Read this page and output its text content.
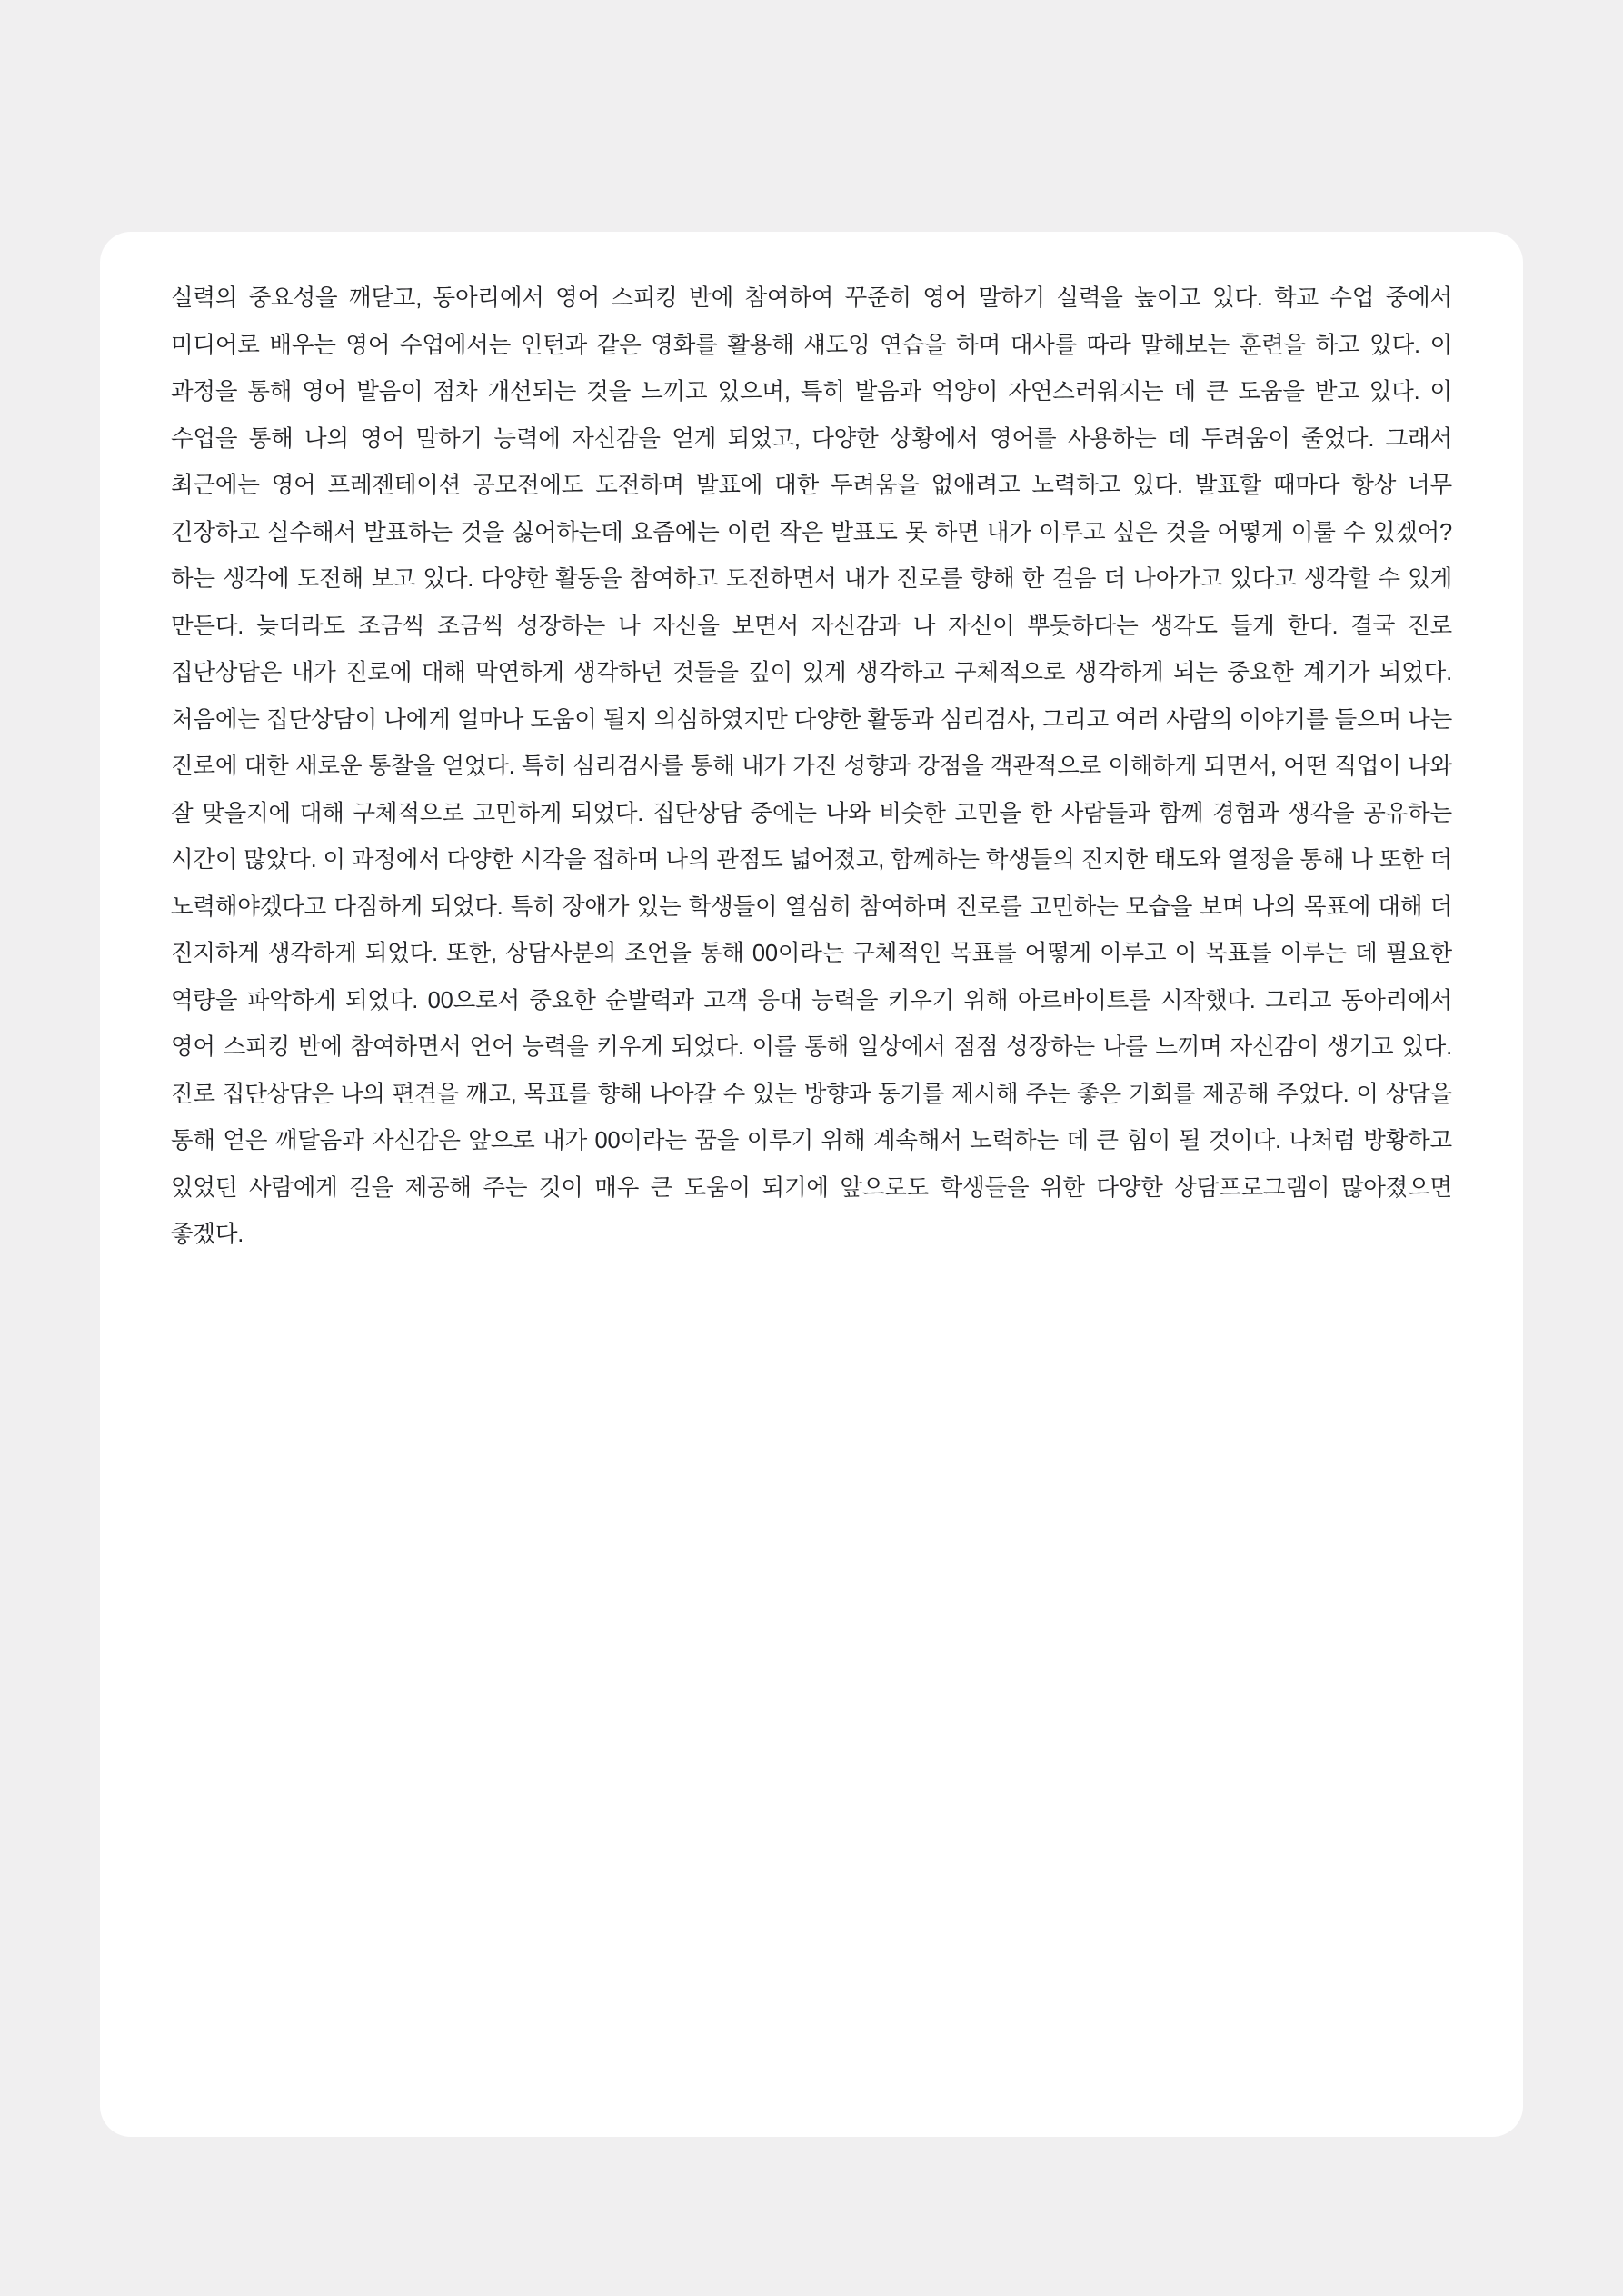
실력의 중요성을 깨닫고, 동아리에서 영어 스피킹 반에 참여하여 꾸준히 영어 말하기 실력을 높이고 있다. 학교 수업 중에서 미디어로 배우는 영어 수업에서는 인턴과 같은 영화를 활용해 섀도잉 연습을 하며 대사를 따라 말해보는 훈련을 하고 있다. 이 과정을 통해 영어 발음이 점차 개선되는 것을 느끼고 있으며, 특히 발음과 억양이 자연스러워지는 데 큰 도움을 받고 있다. 이 수업을 통해 나의 영어 말하기 능력에 자신감을 얻게 되었고, 다양한 상황에서 영어를 사용하는 데 두려움이 줄었다. 그래서 최근에는 영어 프레젠테이션 공모전에도 도전하며 발표에 대한 두려움을 없애려고 노력하고 있다. 발표할 때마다 항상 너무 긴장하고 실수해서 발표하는 것을 싫어하는데 요즘에는 이런 작은 발표도 못 하면 내가 이루고 싶은 것을 어떻게 이룰 수 있겠어? 하는 생각에 도전해 보고 있다. 다양한 활동을 참여하고 도전하면서 내가 진로를 향해 한 걸음 더 나아가고 있다고 생각할 수 있게 만든다. 늦더라도 조금씩 조금씩 성장하는 나 자신을 보면서 자신감과 나 자신이 뿌듯하다는 생각도 들게 한다. 결국 진로 집단상담은 내가 진로에 대해 막연하게 생각하던 것들을 깊이 있게 생각하고 구체적으로 생각하게 되는 중요한 계기가 되었다. 처음에는 집단상담이 나에게 얼마나 도움이 될지 의심하였지만 다양한 활동과 심리검사, 그리고 여러 사람의 이야기를 들으며 나는 진로에 대한 새로운 통찰을 얻었다. 특히 심리검사를 통해 내가 가진 성향과 강점을 객관적으로 이해하게 되면서, 어떤 직업이 나와 잘 맞을지에 대해 구체적으로 고민하게 되었다. 집단상담 중에는 나와 비슷한 고민을 한 사람들과 함께 경험과 생각을 공유하는 시간이 많았다. 이 과정에서 다양한 시각을 접하며 나의 관점도 넓어졌고, 함께하는 학생들의 진지한 태도와 열정을 통해 나 또한 더 노력해야겠다고 다짐하게 되었다. 특히 장애가 있는 학생들이 열심히 참여하며 진로를 고민하는 모습을 보며 나의 목표에 대해 더 진지하게 생각하게 되었다. 또한, 상담사분의 조언을 통해 00이라는 구체적인 목표를 어떻게 이루고 이 목표를 이루는 데 필요한 역량을 파악하게 되었다. 00으로서 중요한 순발력과 고객 응대 능력을 키우기 위해 아르바이트를 시작했다. 그리고 동아리에서 영어 스피킹 반에 참여하면서 언어 능력을 키우게 되었다. 이를 통해 일상에서 점점 성장하는 나를 느끼며 자신감이 생기고 있다. 진로 집단상담은 나의 편견을 깨고, 목표를 향해 나아갈 수 있는 방향과 동기를 제시해 주는 좋은 기회를 제공해 주었다. 이 상담을 통해 얻은 깨달음과 자신감은 앞으로 내가 00이라는 꿈을 이루기 위해 계속해서 노력하는 데 큰 힘이 될 것이다. 나처럼 방황하고 있었던 사람에게 길을 제공해 주는 것이 매우 큰 도움이 되기에 앞으로도 학생들을 위한 다양한 상담프로그램이 많아졌으면 좋겠다.
